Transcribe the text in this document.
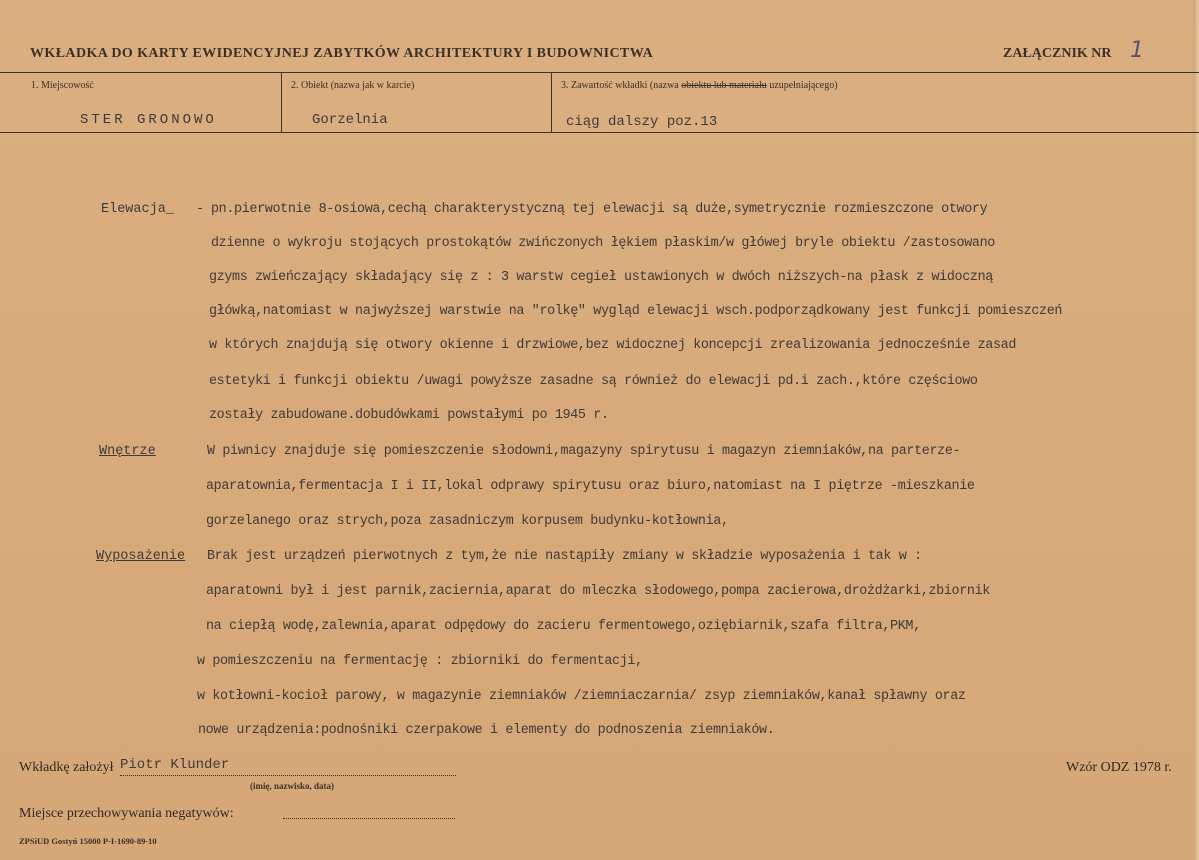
WKŁADKA DO KARTY EWIDENCYJNEJ ZABYTKÓW ARCHITEKTURY I BUDOWNICTWA	ZAŁĄCZNIK NR 1
1. Miejscowość	2. Obiekt (nazwa jak w karcie)	3. Zawartość wkładki (nazwa obiektu lub materiału uzupełniającego)
STER GRONOWO	Gorzelnia	ciąg dalszy poz.13
Elewacja_ - pn.pierwotnie 8-osiowa,cechą charakterystyczną tej elewacji są duże,symetrycznie rozmieszczone otwory
dzienne o wykroju stojących prostokątów zwińczonych łękiem płaskim/w główej bryle obiektu /zastosowano
gzyms zwieńczający składający się z : 3 warstw cegieł ustawionych w dwóch niższych-na płask z widoczną
główką,natomiast w najwyższej warstwie na "rolkę" wygląd elewacji wsch.podporządkowany jest funkcji pomieszczeń
w których znajdują się otwory okienne i drzwiowe,bez widocznej koncepcji zrealizowania jednocześnie zasad
estetyki i funkcji obiektu /uwagi powyższe zasadne są również do elewacji pd.i zach.,które częściowo
zostały zabudowane.dobudówkami powstałymi po 1945 r.
Wnętrze	W piwnicy znajduje się pomieszczenie słodowni,magazyny spirytusu i magazyn ziemniaków,na parterze-
aparatownia,fermentacja I i II,lokal odprawy spirytusu oraz biuro,natomiast na I piętrze -mieszkanie
gorzelanego oraz strych,poza zasadniczym korpusem budynku-kotłownia,
Wyposażenie Brak jest urządzeń pierwotnych z tym,że nie nastąpiły zmiany w składzie wyposażenia i tak w :
aparatowni był i jest parnik,zaciernia,aparat do mleczka słodowego,pompa zacierowa,drożdżarki,zbiornik
na ciepłą wodę,zalewnia,aparat odpędowy do zacieru fermentowego,oziębiarnik,szafa filtra,PKM,
w pomieszczeniu na fermentację : zbiorniki do fermentacji,
w kotłowni-kocioł parowy, w magazynie ziemniaków /ziemniaczarnia/ zsyp ziemniaków,kanał spławny oraz
nowe urządzenia:podnośniki czerpakowe i elementy do podnoszenia ziemniaków.
Wkładkę założył Piotr Klunder
(imię, nazwisko, data)
Wzór ODZ 1978 r.
Miejsce przechowywania negatywów:
ZPSiUD Gostyń 15000 P-I-1690-89-10
